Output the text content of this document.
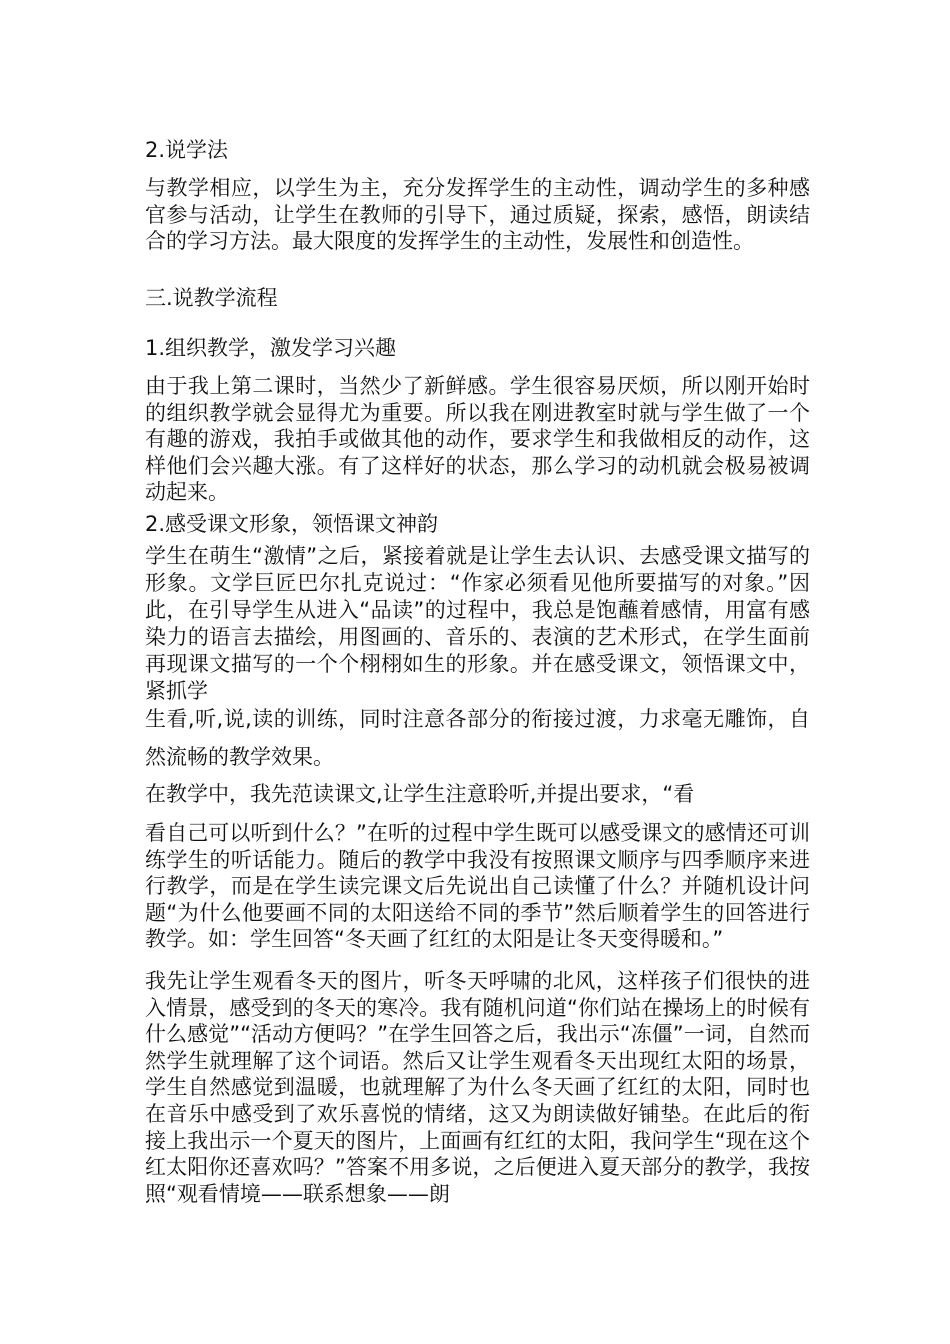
2.说学法

与教学相应，以学生为主，充分发挥学生的主动性，调动学生的多种感官参与活动，让学生在教师的引导下，通过质疑，探索，感悟，朗读结合的学习方法。最大限度的发挥学生的主动性，发展性和创造性。

三.说教学流程

1.组织教学，激发学习兴趣

由于我上第二课时，当然少了新鲜感。学生很容易厌烦，所以刚开始时的组织教学就会显得尤为重要。所以我在刚进教室时就与学生做了一个有趣的游戏，我拍手或做其他的动作，要求学生和我做相反的动作，这样他们会兴趣大涨。有了这样好的状态，那么学习的动机就会极易被调动起来。

2.感受课文形象，领悟课文神韵

学生在萌生“激情”之后，紧接着就是让学生去认识、去感受课文描写的形象。文学巨匠巴尔扎克说过：“作家必须看见他所要描写的对象。”因此，在引导学生从进入“品读”的过程中，我总是饱蘸着感情，用富有感染力的语言去描绘，用图画的、音乐的、表演的艺术形式，在学生面前再现课文描写的一个个栩栩如生的形象。并在感受课文，领悟课文中，紧抓学

生看,听,说,读的训练，同时注意各部分的衔接过渡，力求毫无雕饰，自然流畅的教学效果。

在教学中，我先范读课文,让学生注意聆听,并提出要求，“看

看自己可以听到什么？”在听的过程中学生既可以感受课文的感情还可训练学生的听话能力。随后的教学中我没有按照课文顺序与四季顺序来进行教学，而是在学生读完课文后先说出自己读懂了什么？并随机设计问题“为什么他要画不同的太阳送给不同的季节”然后顺着学生的回答进行教学。如：学生回答“冬天画了红红的太阳是让冬天变得暖和。”

我先让学生观看冬天的图片，听冬天呼啸的北风，这样孩子们很快的进入情景，感受到的冬天的寒冷。我有随机问道“你们站在操场上的时候有什么感觉”“活动方便吗？”在学生回答之后，我出示“冻僵”一词，自然而然学生就理解了这个词语。然后又让学生观看冬天出现红太阳的场景，学生自然感觉到温暖，也就理解了为什么冬天画了红红的太阳，同时也在音乐中感受到了欢乐喜悦的情绪，这又为朗读做好铺垫。在此后的衔接上我出示一个夏天的图片，上面画有红红的太阳，我问学生“现在这个红太阳你还喜欢吗？”答案不用多说，之后便进入夏天部分的教学，我按照“观看情境——联系想象——朗
